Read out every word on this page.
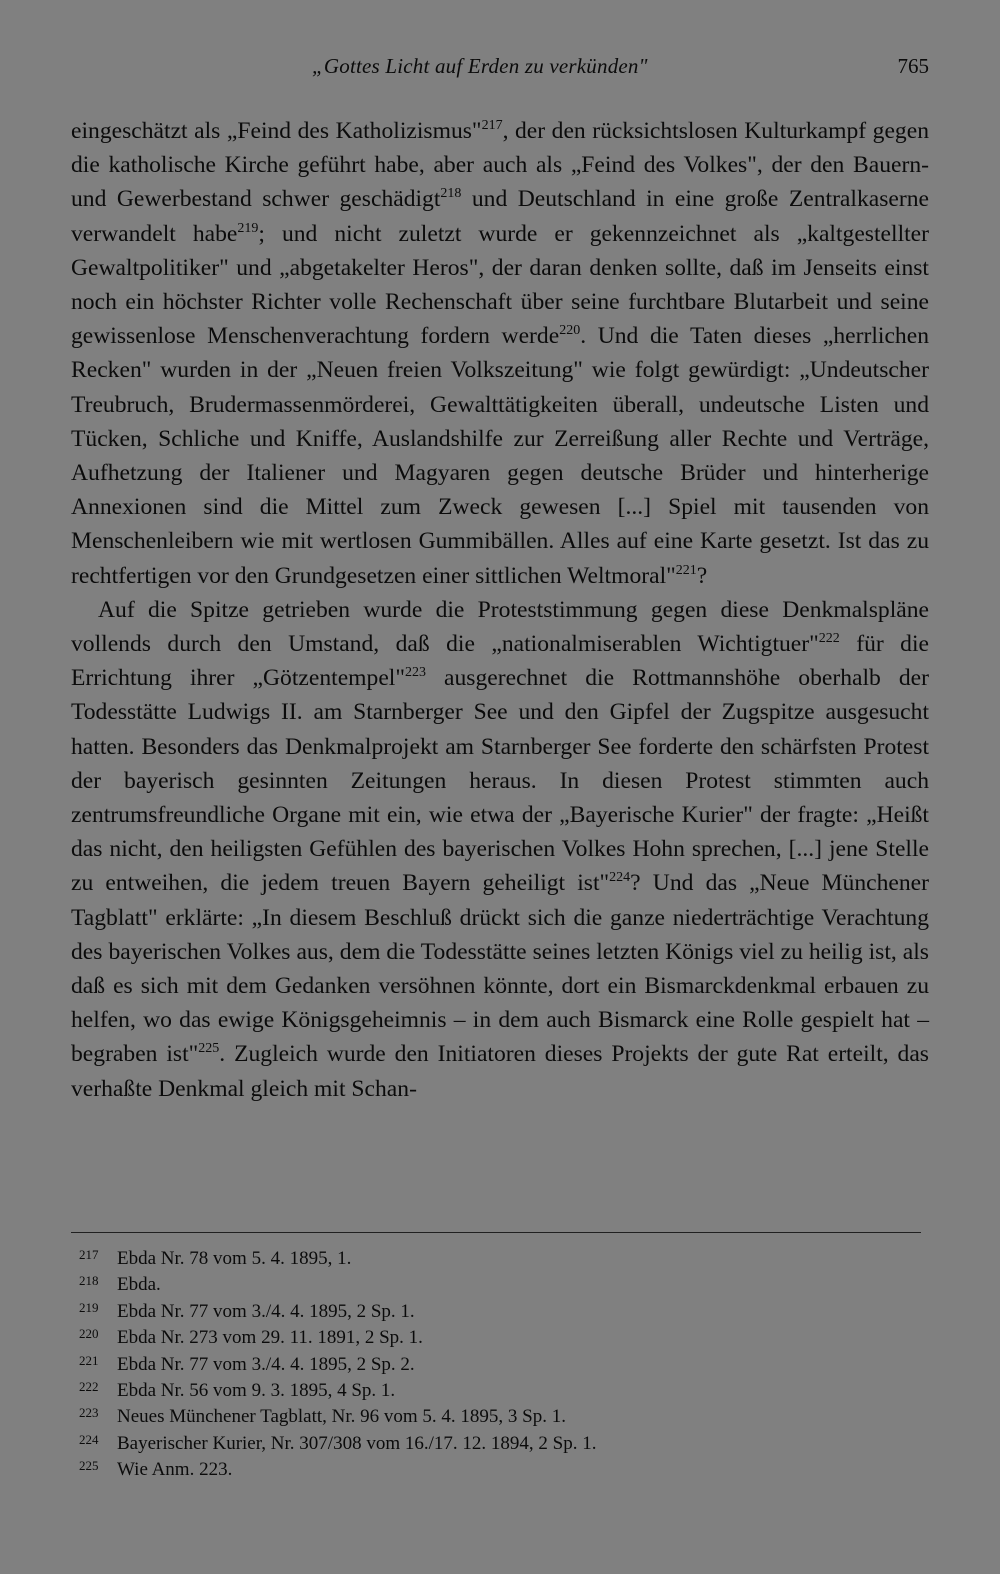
„Gottes Licht auf Erden zu verkünden"	765

eingeschätzt als „Feind des Katholizismus"$^{217}$, der den rücksichtslosen Kulturkampf gegen die katholische Kirche geführt habe, aber auch als „Feind des Volkes", der den Bauern- und Gewerbestand schwer geschädigt$^{218}$ und Deutschland in eine große Zentralkaserne verwandelt habe$^{219}$; und nicht zuletzt wurde er gekennzeichnet als „kaltgestellter Gewaltpolitiker" und „abgetakelter Heros", der daran denken sollte, daß im Jenseits einst noch ein höchster Richter volle Rechenschaft über seine furchtbare Blutarbeit und seine gewissenlose Menschenverachtung fordern werde$^{220}$. Und die Taten dieses „herrlichen Recken" wurden in der „Neuen freien Volkszeitung" wie folgt gewürdigt: „Undeutscher Treubruch, Brudermassenmörderei, Gewalttätigkeiten überall, undeutsche Listen und Tücken, Schliche und Kniffe, Auslandshilfe zur Zerreißung aller Rechte und Verträge, Aufhetzung der Italiener und Magyaren gegen deutsche Brüder und hinterherige Annexionen sind die Mittel zum Zweck gewesen [...] Spiel mit tausenden von Menschenleibern wie mit wertlosen Gummibällen. Alles auf eine Karte gesetzt. Ist das zu rechtfertigen vor den Grundgesetzen einer sittlichen Weltmoral"$^{221}$?

Auf die Spitze getrieben wurde die Proteststimmung gegen diese Denkmalspläne vollends durch den Umstand, daß die „nationalmiserablen Wichtigtuer"$^{222}$ für die Errichtung ihrer „Götzentempel"$^{223}$ ausgerechnet die Rottmannshöhe oberhalb der Todesstätte Ludwigs II. am Starnberger See und den Gipfel der Zugspitze ausgesucht hatten. Besonders das Denkmalprojekt am Starnberger See forderte den schärfsten Protest der bayerisch gesinnten Zeitungen heraus. In diesen Protest stimmten auch zentrumsfreundliche Organe mit ein, wie etwa der „Bayerische Kurier" der fragte: „Heißt das nicht, den heiligsten Gefühlen des bayerischen Volkes Hohn sprechen, [...] jene Stelle zu entweihen, die jedem treuen Bayern geheiligt ist"$^{224}$? Und das „Neue Münchener Tagblatt" erklärte: „In diesem Beschluß drückt sich die ganze niederträchtige Verachtung des bayerischen Volkes aus, dem die Todesstätte seines letzten Königs viel zu heilig ist, als daß es sich mit dem Gedanken versöhnen könnte, dort ein Bismarckdenkmal erbauen zu helfen, wo das ewige Königsgeheimnis – in dem auch Bismarck eine Rolle gespielt hat – begraben ist"$^{225}$. Zugleich wurde den Initiatoren dieses Projekts der gute Rat erteilt, das verhaßte Denkmal gleich mit Schan-

217 Ebda Nr. 78 vom 5. 4. 1895, 1.
218 Ebda.
219 Ebda Nr. 77 vom 3./4. 4. 1895, 2 Sp. 1.
220 Ebda Nr. 273 vom 29. 11. 1891, 2 Sp. 1.
221 Ebda Nr. 77 vom 3./4. 4. 1895, 2 Sp. 2.
222 Ebda Nr. 56 vom 9. 3. 1895, 4 Sp. 1.
223 Neues Münchener Tagblatt, Nr. 96 vom 5. 4. 1895, 3 Sp. 1.
224 Bayerischer Kurier, Nr. 307/308 vom 16./17. 12. 1894, 2 Sp. 1.
225 Wie Anm. 223.
